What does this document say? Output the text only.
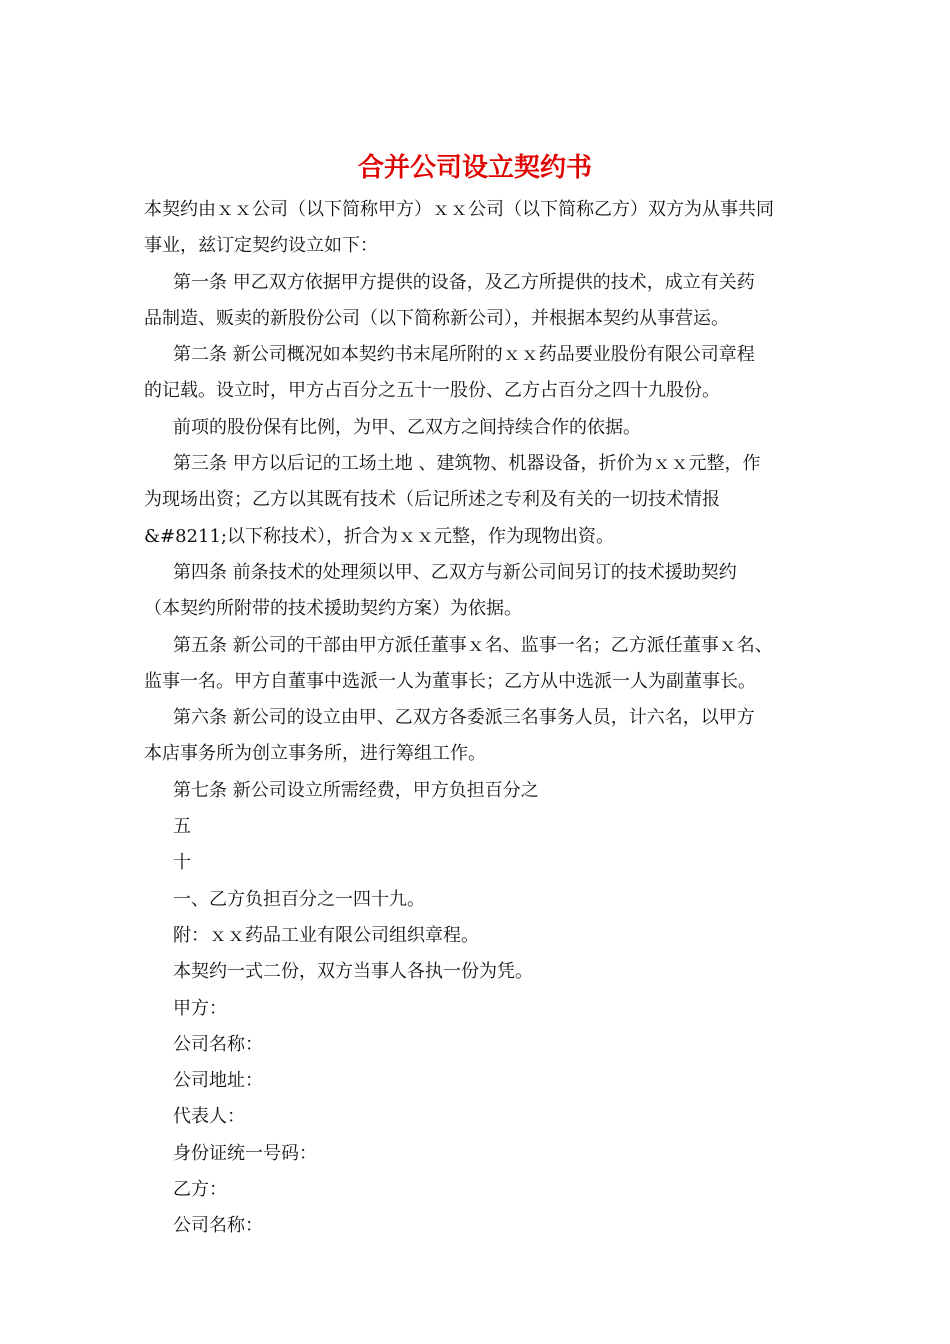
合并公司设立契约书
本契约由ｘｘ公司（以下简称甲方）ｘｘ公司（以下简称乙方）双方为从事共同
事业，兹订定契约设立如下：
第一条 甲乙双方依据甲方提供的设备，及乙方所提供的技术，成立有关药
品制造、贩卖的新股份公司（以下简称新公司），并根据本契约从事营运。
第二条 新公司概况如本契约书末尾所附的ｘｘ药品要业股份有限公司章程
的记载。设立时，甲方占百分之五十一股份、乙方占百分之四十九股份。
前项的股份保有比例，为甲、乙双方之间持续合作的依据。
第三条 甲方以后记的工场土地 、建筑物、机器设备，折价为ｘｘ元整，作
为现场出资；乙方以其既有技术（后记所述之专利及有关的一切技术情报
&#8211;以下称技术），折合为ｘｘ元整，作为现物出资。
第四条 前条技术的处理须以甲、乙双方与新公司间另订的技术援助契约
（本契约所附带的技术援助契约方案）为依据。
第五条 新公司的干部由甲方派任董事ｘ名、监事一名；乙方派任董事ｘ名、
监事一名。甲方自董事中选派一人为董事长；乙方从中选派一人为副董事长。
第六条 新公司的设立由甲、乙双方各委派三名事务人员，计六名，以甲方
本店事务所为创立事务所，进行筹组工作。
第七条 新公司设立所需经费，甲方负担百分之
五
十
一、乙方负担百分之一四十九。
附：ｘｘ药品工业有限公司组织章程。
本契约一式二份，双方当事人各执一份为凭。
甲方：
公司名称：
公司地址：
代表人：
身份证统一号码：
乙方：
公司名称：
